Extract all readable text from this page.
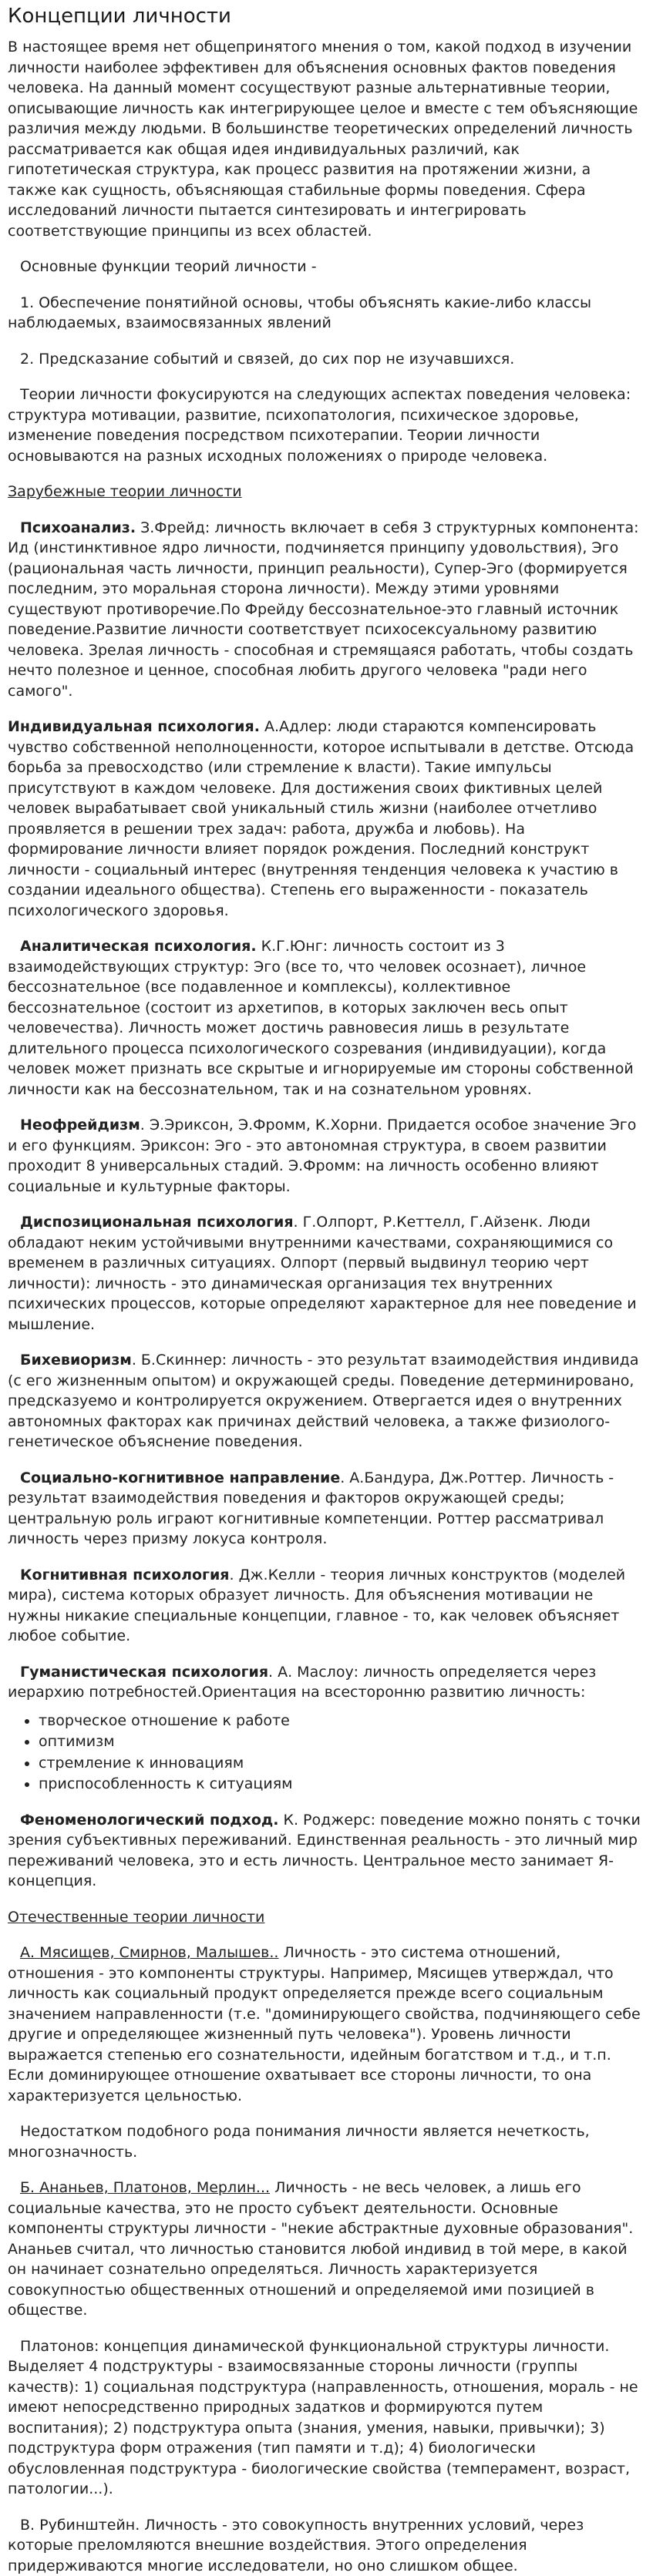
Концепции личности

В настоящее время нет общепринятого мнения о том, какой подход в изучении личности наиболее эффективен для объяснения основных фактов поведения человека. На данный момент сосуществуют разные альтернативные теории, описывающие личность как интегрирующее целое и вместе с тем объясняющие различия между людьми. В большинстве теоретических определений личность рассматривается как общая идея индивидуальных различий, как гипотетическая структура, как процесс развития на протяжении жизни, а также как сущность, объясняющая стабильные формы поведения. Сфера исследований личности пытается синтезировать и интегрировать соответствующие принципы из всех областей.

Основные функции теорий личности -

1. Обеспечение понятийной основы, чтобы объяснять какие-либо классы наблюдаемых, взаимосвязанных явлений

2. Предсказание событий и связей, до сих пор не изучавшихся.

Теории личности фокусируются на следующих аспектах поведения человека: структура мотивации, развитие, психопатология, психическое здоровье, изменение поведения посредством психотерапии. Теории личности основываются на разных исходных положениях о природе человека.

Зарубежные теории личности

Психоанализ. З.Фрейд: личность включает в себя 3 структурных компонента: Ид (инстинктивное ядро личности, подчиняется принципу удовольствия), Эго (рациональная часть личности, принцип реальности), Супер-Эго (формируется последним, это моральная сторона личности). Между этими уровнями существуют противоречие.По Фрейду бессознательное-это главный источник поведение.Развитие личности соответствует психосексуальному развитию человека. Зрелая личность - способная и стремящаяся работать, чтобы создать нечто полезное и ценное, способная любить другого человека "ради него самого".

Индивидуальная психология. А.Адлер: люди стараются компенсировать чувство собственной неполноценности, которое испытывали в детстве. Отсюда борьба за превосходство (или стремление к власти). Такие импульсы присутствуют в каждом человеке. Для достижения своих фиктивных целей человек вырабатывает свой уникальный стиль жизни (наиболее отчетливо проявляется в решении трех задач: работа, дружба и любовь). На формирование личности влияет порядок рождения. Последний конструкт личности - социальный интерес (внутренняя тенденция человека к участию в создании идеального общества). Степень его выраженности - показатель психологического здоровья.

Аналитическая психология. К.Г.Юнг: личность состоит из 3 взаимодействующих структур: Эго (все то, что человек осознает), личное бессознательное (все подавленное и комплексы), коллективное бессознательное (состоит из архетипов, в которых заключен весь опыт человечества). Личность может достичь равновесия лишь в результате длительного процесса психологического созревания (индивидуации), когда человек может признать все скрытые и игнорируемые им стороны собственной личности как на бессознательном, так и на сознательном уровнях.

Неофрейдизм. Э.Эриксон, Э.Фромм, К.Хорни. Придается особое значение Эго и его функциям. Эриксон: Эго - это автономная структура, в своем развитии проходит 8 универсальных стадий. Э.Фромм: на личность особенно влияют социальные и культурные факторы.

Диспозициональная психология. Г.Олпорт, Р.Кеттелл, Г.Айзенк. Люди обладают неким устойчивыми внутренними качествами, сохраняющимися со временем в различных ситуациях. Олпорт (первый выдвинул теорию черт личности): личность - это динамическая организация тех внутренних психических процессов, которые определяют характерное для нее поведение и мышление.

Бихевиоризм. Б.Скиннер: личность - это результат взаимодействия индивида (с его жизненным опытом) и окружающей среды. Поведение детерминировано, предсказуемо и контролируется окружением. Отвергается идея о внутренних автономных факторах как причинах действий человека, а также физиолого-генетическое объяснение поведения.

Социально-когнитивное направление. А.Бандура, Дж.Роттер. Личность - результат взаимодействия поведения и факторов окружающей среды; центральную роль играют когнитивные компетенции. Роттер рассматривал личность через призму локуса контроля.

Когнитивная психология. Дж.Келли - теория личных конструктов (моделей мира), система которых образует личность. Для объяснения мотивации не нужны никакие специальные концепции, главное - то, как человек объясняет любое событие.

Гуманистическая психология. А. Маслоу: личность определяется через иерархию потребностей.Ориентация на всесторонню развитию личность:

• творческое отношение к работе
• оптимизм
• стремление к инновациям
• приспособленность к ситуациям

Феноменологический подход. К. Роджерс: поведение можно понять с точки зрения субъективных переживаний. Единственная реальность - это личный мир переживаний человека, это и есть личность. Центральное место занимает Я-концепция.

Отечественные теории личности

А. Мясищев, Смирнов, Малышев.. Личность - это система отношений, отношения - это компоненты структуры. Например, Мясищев утверждал, что личность как социальный продукт определяется прежде всего социальным значением направленности (т.е. "доминирующего свойства, подчиняющего себе другие и определяющее жизненный путь человека"). Уровень личности выражается степенью его сознательности, идейным богатством и т.д., и т.п. Если доминирующее отношение охватывает все стороны личности, то она характеризуется цельностью.

Недостатком подобного рода понимания личности является нечеткость, многозначность.

Б. Ананьев, Платонов, Мерлин... Личность - не весь человек, а лишь его социальные качества, это не просто субъект деятельности. Основные компоненты структуры личности - "некие абстрактные духовные образования". Ананьев считал, что личностью становится любой индивид в той мере, в какой он начинает сознательно определяться. Личность характеризуется совокупностью общественных отношений и определяемой ими позицией в обществе.

Платонов: концепция динамической функциональной структуры личности. Выделяет 4 подструктуры - взаимосвязанные стороны личности (группы качеств): 1) социальная подструктура (направленность, отношения, мораль - не имеют непосредственно природных задатков и формируются путем воспитания); 2) подструктура опыта (знания, умения, навыки, привычки); 3) подструктура форм отражения (тип памяти и т.д); 4) биологически обусловленная подструктура - биологические свойства (темперамент, возраст, патологии...).

В. Рубинштейн. Личность - это совокупность внутренних условий, через которые преломляются внешние воздействия. Этого определения придерживаются многие исследователи, но оно слишком общее.
